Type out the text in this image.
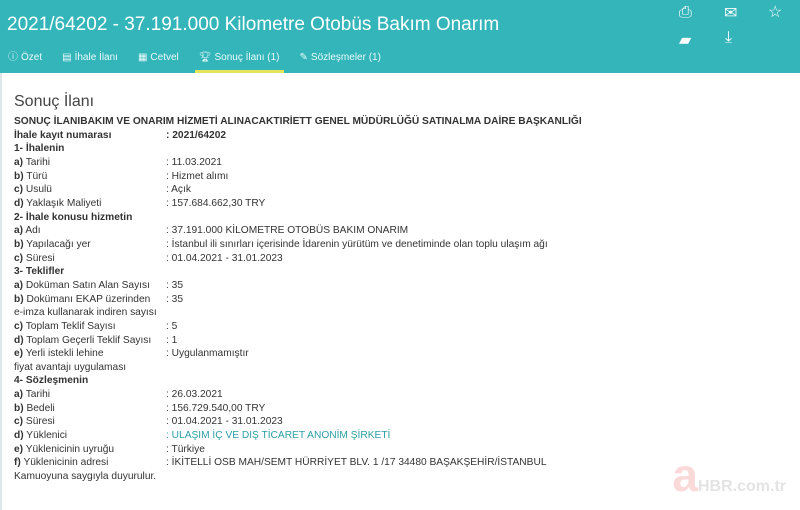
2021/64202 - 37.191.000 Kilometre Otobüs Bakım Onarım
ⓘ Özet ▤ İhale İlanı ▦ Cetvel	🏆︎ Sonuç İlanı (1)	✎ Sözleşmeler (1)
⎙ ✉ ☆
▰ ⤓
Sonuç İlanı
SONUÇ İLANIBAKIM VE ONARIM HİZMETİ ALINACAKTIRİETT GENEL MÜDÜRLÜĞÜ SATINALMA DAİRE BAŞKANLIĞI
İhale kayıt numarası	: 2021/64202
1- İhalenin
a) Tarihi	: 11.03.2021
b) Türü	: Hizmet alımı
c) Usulü	: Açık
d) Yaklaşık Maliyeti	: 157.684.662,30 TRY
2- İhale konusu hizmetin
a) Adı	: 37.191.000 KİLOMETRE OTOBÜS BAKIM ONARIM
b) Yapılacağı yer	: İstanbul ili sınırları içerisinde İdarenin yürütüm ve denetiminde olan toplu ulaşım ağı
c) Süresi	: 01.04.2021 - 31.01.2023
3- Teklifler
a) Doküman Satın Alan Sayısı	: 35
b) Dokümanı EKAP üzerinden	: 35
e-imza kullanarak indiren sayısı
c) Toplam Teklif Sayısı	: 5
d) Toplam Geçerli Teklif Sayısı	: 1
e) Yerli istekli lehine	: Uygulanmamıştır
fiyat avantajı uygulaması
4- Sözleşmenin
a) Tarihi	: 26.03.2021
b) Bedeli	: 156.729.540,00 TRY
c) Süresi	: 01.04.2021 - 31.01.2023
d) Yüklenici	: ULAŞIM İÇ VE DIŞ TİCARET ANONİM ŞİRKETİ
e) Yüklenicinin uyruğu	: Türkiye
f) Yüklenicinin adresi	: İKİTELLİ OSB MAH/SEMT HÜRRİYET BLV. 1 /17 34480 BAŞAKŞEHİR/İSTANBUL
Kamuoyuna saygıyla duyurulur.	aHBR.com.tr
